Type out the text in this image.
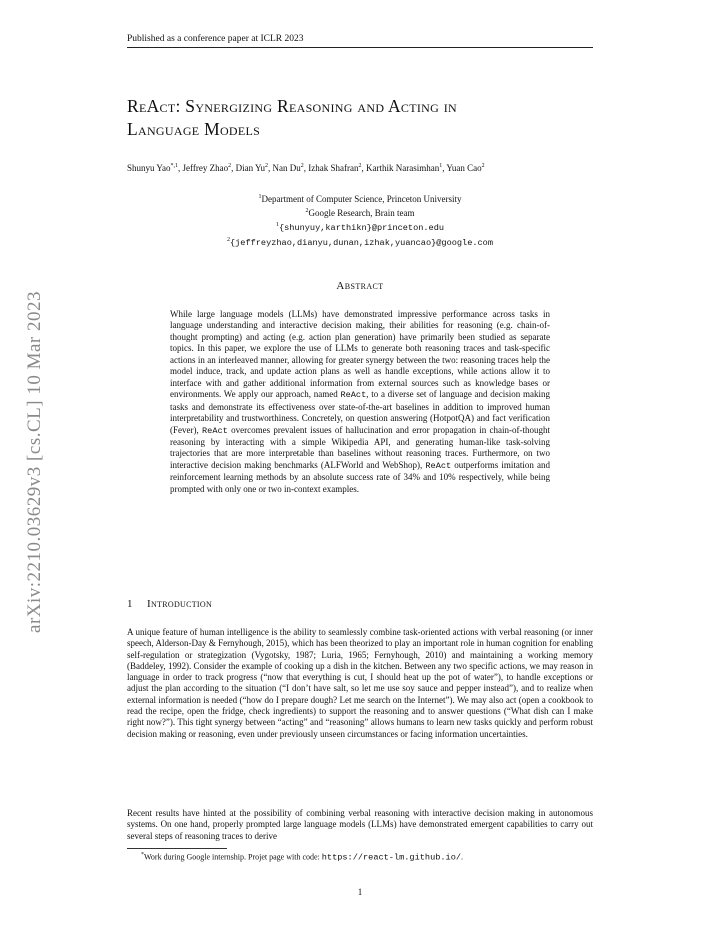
Published as a conference paper at ICLR 2023
ReAct: Synergizing Reasoning and Acting in
Language Models
Shunyu Yao$^{*,1}$, Jeffrey Zhao$^2$, Dian Yu$^2$, Nan Du$^2$, Izhak Shafran$^2$, Karthik Narasimhan$^1$, Yuan Cao$^2$
$^1$Department of Computer Science, Princeton University
$^2$Google Research, Brain team
$^1${shunyuy,karthikn}@princeton.edu
$^2${jeffreyzhao,dianyu,dunan,izhak,yuancao}@google.com
Abstract
While large language models (LLMs) have demonstrated impressive performance across tasks in language understanding and interactive decision making, their abilities for reasoning (e.g. chain-of-thought prompting) and acting (e.g. action plan generation) have primarily been studied as separate topics. In this paper, we explore the use of LLMs to generate both reasoning traces and task-specific actions in an interleaved manner, allowing for greater synergy between the two: reasoning traces help the model induce, track, and update action plans as well as handle exceptions, while actions allow it to interface with and gather additional information from external sources such as knowledge bases or environments. We apply our approach, named ReAct, to a diverse set of language and decision making tasks and demonstrate its effectiveness over state-of-the-art baselines in addition to improved human interpretability and trustworthiness. Concretely, on question answering (HotpotQA) and fact verification (Fever), ReAct overcomes prevalent issues of hallucination and error propagation in chain-of-thought reasoning by interacting with a simple Wikipedia API, and generating human-like task-solving trajectories that are more interpretable than baselines without reasoning traces. Furthermore, on two interactive decision making benchmarks (ALFWorld and WebShop), ReAct outperforms imitation and reinforcement learning methods by an absolute success rate of 34% and 10% respectively, while being prompted with only one or two in-context examples.
1 Introduction
A unique feature of human intelligence is the ability to seamlessly combine task-oriented actions with verbal reasoning (or inner speech, Alderson-Day & Fernyhough, 2015), which has been theorized to play an important role in human cognition for enabling self-regulation or strategization (Vygotsky, 1987; Luria, 1965; Fernyhough, 2010) and maintaining a working memory (Baddeley, 1992). Consider the example of cooking up a dish in the kitchen. Between any two specific actions, we may reason in language in order to track progress (“now that everything is cut, I should heat up the pot of water”), to handle exceptions or adjust the plan according to the situation (“I don’t have salt, so let me use soy sauce and pepper instead”), and to realize when external information is needed (“how do I prepare dough? Let me search on the Internet”). We may also act (open a cookbook to read the recipe, open the fridge, check ingredients) to support the reasoning and to answer questions (“What dish can I make right now?”). This tight synergy between “acting” and “reasoning” allows humans to learn new tasks quickly and perform robust decision making or reasoning, even under previously unseen circumstances or facing information uncertainties.
Recent results have hinted at the possibility of combining verbal reasoning with interactive decision making in autonomous systems. On one hand, properly prompted large language models (LLMs) have demonstrated emergent capabilities to carry out several steps of reasoning traces to derive
*Work during Google internship. Projet page with code: https://react-lm.github.io/.
1
arXiv:2210.03629v3 [cs.CL] 10 Mar 2023
